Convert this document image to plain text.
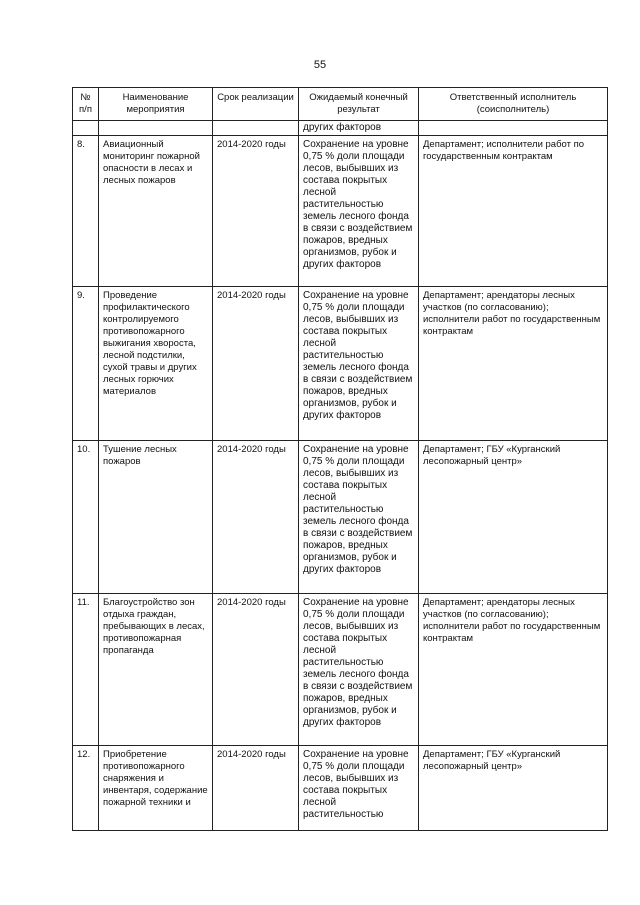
55
№ п/п	Наименование мероприятия	Срок реализации	Ожидаемый конечный результат	Ответственный исполнитель (соисполнитель)
			других факторов	
8.	Авиационный мониторинг пожарной опасности в лесах и лесных пожаров	2014-2020 годы	Сохранение на уровне 0,75 % доли площади лесов, выбывших из состава покрытых лесной растительностью земель лесного фонда в связи с воздействием пожаров, вредных организмов, рубок и других факторов	Департамент; исполнители работ по государственным контрактам
9.	Проведение профилактического контролируемого противопожарного выжигания хвороста, лесной подстилки, сухой травы и других лесных горючих материалов	2014-2020 годы	Сохранение на уровне 0,75 % доли площади лесов, выбывших из состава покрытых лесной растительностью земель лесного фонда в связи с воздействием пожаров, вредных организмов, рубок и других факторов	Департамент; арендаторы лесных участков (по согласованию); исполнители работ по государственным контрактам
10.	Тушение лесных пожаров	2014-2020 годы	Сохранение на уровне 0,75 % доли площади лесов, выбывших из состава покрытых лесной растительностью земель лесного фонда в связи с воздействием пожаров, вредных организмов, рубок и других факторов	Департамент; ГБУ «Курганский лесопожарный центр»
11.	Благоустройство зон отдыха граждан, пребывающих в лесах, противопожарная пропаганда	2014-2020 годы	Сохранение на уровне 0,75 % доли площади лесов, выбывших из состава покрытых лесной растительностью земель лесного фонда в связи с воздействием пожаров, вредных организмов, рубок и других факторов	Департамент; арендаторы лесных участков (по согласованию); исполнители работ по государственным контрактам
12.	Приобретение противопожарного снаряжения и инвентаря, содержание пожарной техники и	2014-2020 годы	Сохранение на уровне 0,75 % доли площади лесов, выбывших из состава покрытых лесной растительностью	Департамент; ГБУ «Курганский лесопожарный центр»
